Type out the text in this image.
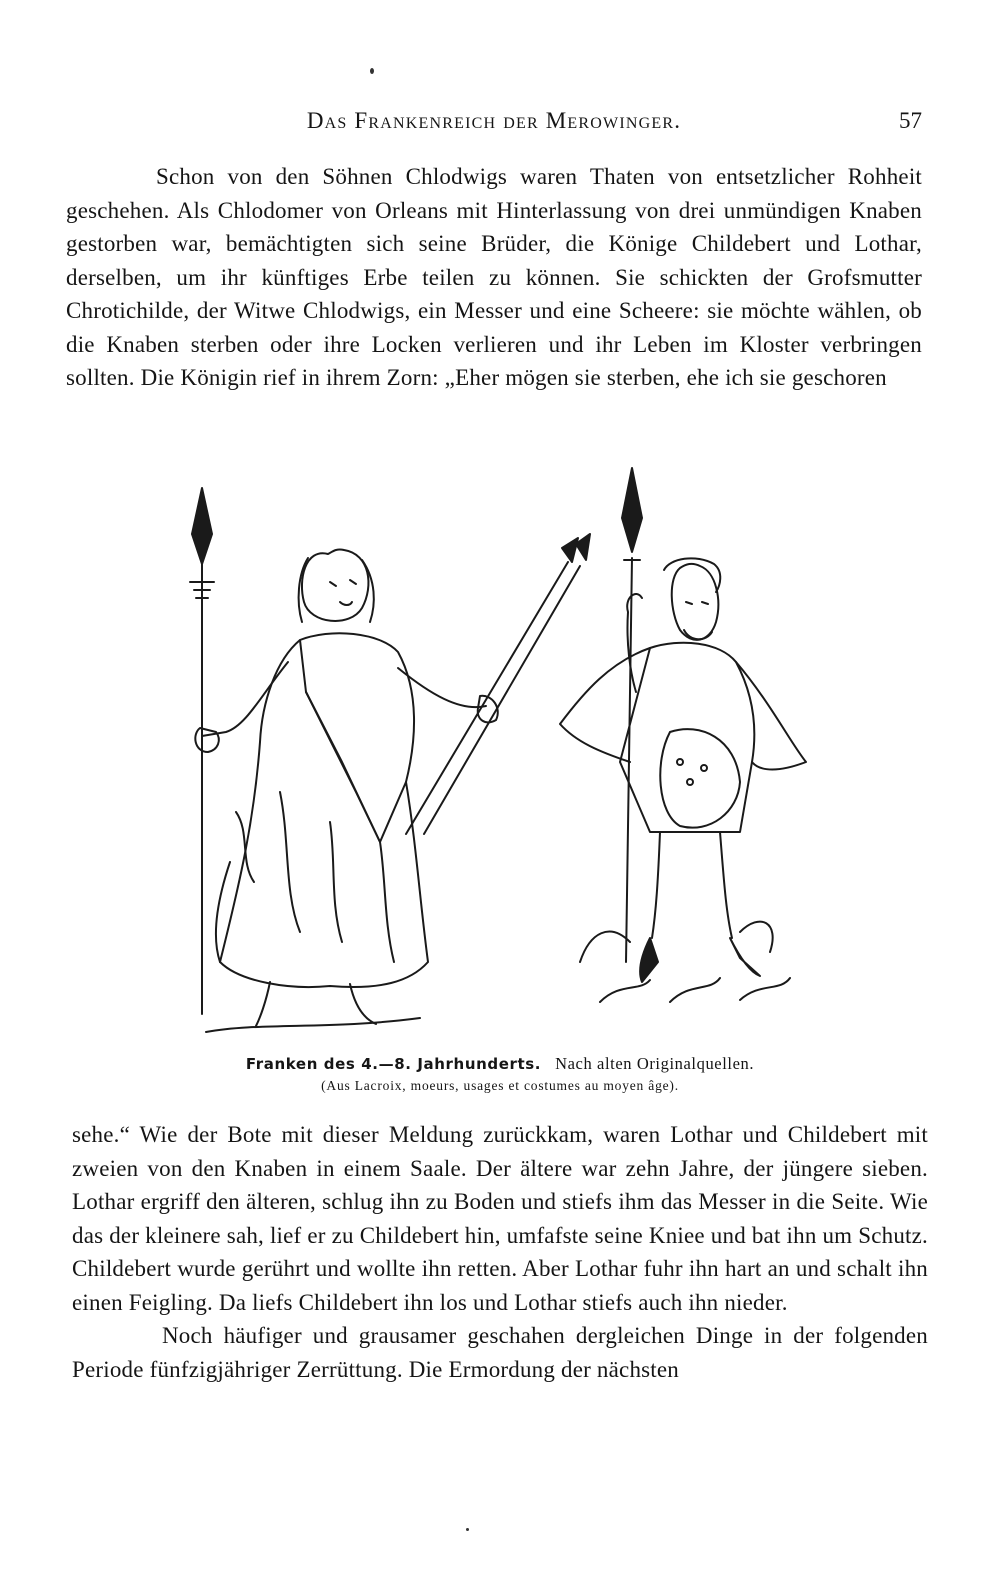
Das Frankenreich der Merowinger.	57

Schon von den Söhnen Chlodwigs waren Thaten von entsetzlicher Rohheit geschehen. Als Chlodomer von Orleans mit Hinterlassung von drei unmündigen Knaben gestorben war, bemächtigten sich seine Brüder, die Könige Childebert und Lothar, derselben, um ihr künftiges Erbe teilen zu können. Sie schickten der Grofsmutter Chrotichilde, der Witwe Chlodwigs, ein Messer und eine Scheere: sie möchte wählen, ob die Knaben sterben oder ihre Locken verlieren und ihr Leben im Kloster verbringen sollten. Die Königin rief in ihrem Zorn: „Eher mögen sie sterben, ehe ich sie geschoren

Franken des 4.—8. Jahrhunderts. Nach alten Originalquellen.
(Aus Lacroix, moeurs, usages et costumes au moyen âge).

sehe.“ Wie der Bote mit dieser Meldung zurückkam, waren Lothar und Childebert mit zweien von den Knaben in einem Saale. Der ältere war zehn Jahre, der jüngere sieben. Lothar ergriff den älteren, schlug ihn zu Boden und stiefs ihm das Messer in die Seite. Wie das der kleinere sah, lief er zu Childebert hin, umfafste seine Kniee und bat ihn um Schutz. Childebert wurde gerührt und wollte ihn retten. Aber Lothar fuhr ihn hart an und schalt ihn einen Feigling. Da liefs Childebert ihn los und Lothar stiefs auch ihn nieder.

Noch häufiger und grausamer geschahen dergleichen Dinge in der folgenden Periode fünfzigjähriger Zerrüttung. Die Ermordung der nächsten
